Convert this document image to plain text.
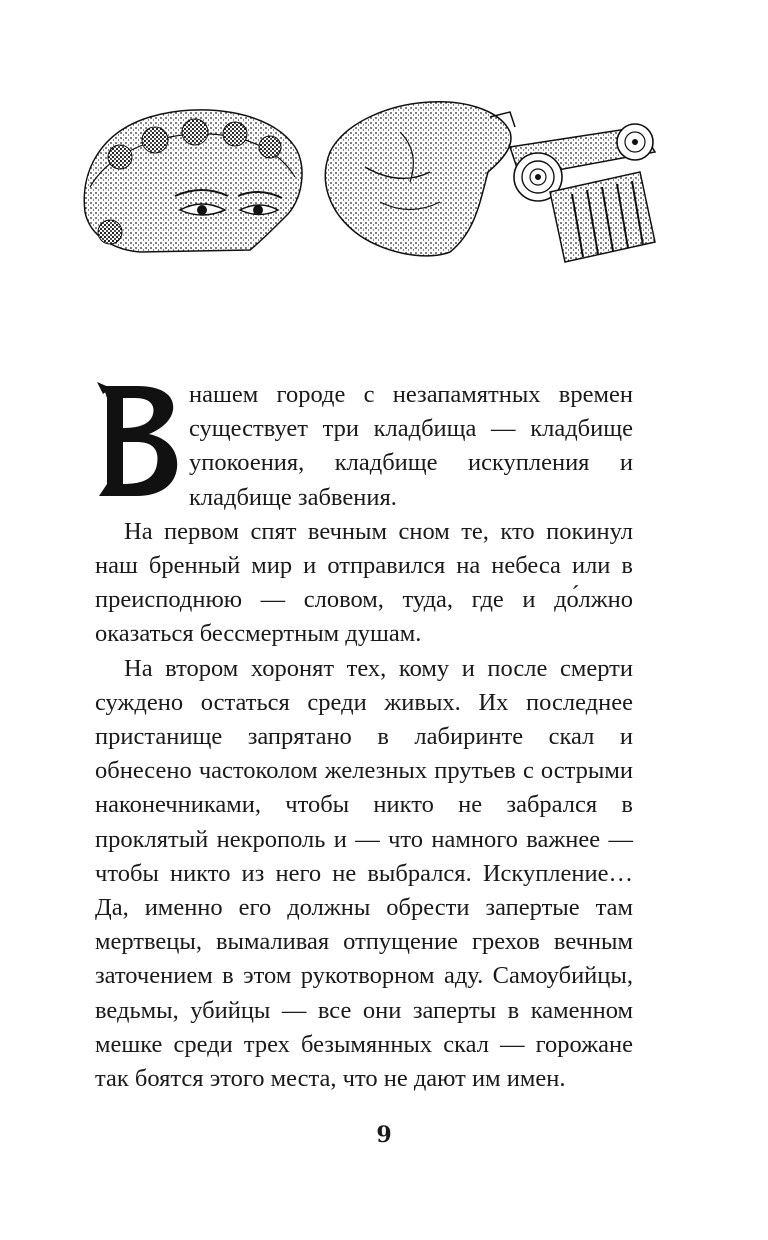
нашем городе с незапамятных времен существует три кладбища — кладбище упокоения, кладбище искупления и кладбище забвения.

На первом спят вечным сном те, кто покинул наш бренный мир и отправился на небеса или в преисподнюю — словом, туда, где и до́лжно оказаться бессмертным душам.

На втором хоронят тех, кому и после смерти суждено остаться среди живых. Их последнее пристанище запрятано в лабиринте скал и обнесено частоколом железных прутьев с острыми наконечниками, чтобы никто не забрался в проклятый некрополь и — что намного важнее — чтобы никто из него не выбрался. Искупление… Да, именно его должны обрести запертые там мертвецы, вымаливая отпущение грехов вечным заточением в этом рукотворном аду. Самоубийцы, ведьмы, убийцы — все они заперты в каменном мешке среди трех безымянных скал — горожане так боятся этого места, что не дают им имен.

9
